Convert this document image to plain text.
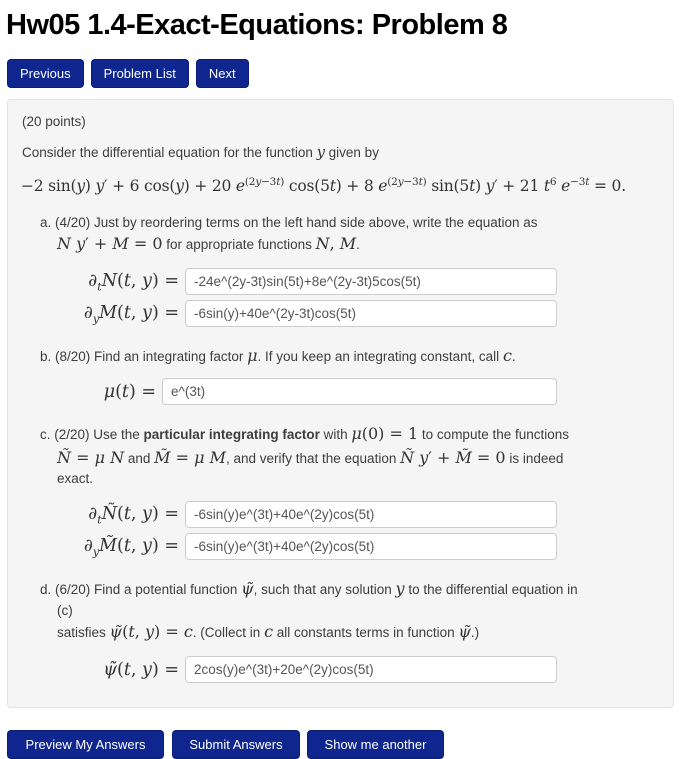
Hw05 1.4-Exact-Equations: Problem 8
Previous	Problem List	Next
(20 points)
Consider the differential equation for the function y given by
−2 sin(y) y′ + 6 cos(y) + 20 $e^{(2y-3t)}$ cos(5t) + 8 $e^{(2y-3t)}$ sin(5t) y′ + 21 $t^6$ $e^{-3t} = 0$.
a. (4/20) Just by reordering terms on the left hand side above, write the equation as
N y′ + M = 0 for appropriate functions N, M.
$\partial_tN(t$, y) =
-24e^(2y-3t)sin(5t)+8e^(2y-3t)5cos(5t)
$\partial_yM(t$, y) =
-6sin(y)+40e^(2y-3t)cos(5t)
b. (8/20) Find an integrating factor μ. If you keep an integrating constant, call c.
μ(t) =
e^(3t)
c. (2/20) Use the particular integrating factor with μ(0) = 1 to compute the functions
Ñ = μ N and M̃ = μ M, and verify that the equation Ñ y′ + M̃ = 0 is indeed
exact.
$\partial_tÑ(t$, y) =
-6sin(y)e^(3t)+40e^(2y)cos(5t)
$\partial_yM̃(t$, y) =
-6sin(y)e^(3t)+40e^(2y)cos(5t)
d. (6/20) Find a potential function ψ̃, such that any solution y to the differential equation in
(c)
satisfies ψ̃(t, y) = c. (Collect in c all constants terms in function ψ̃.)
ψ̃(t, y) =
2cos(y)e^(3t)+20e^(2y)cos(5t)
Preview My Answers	Submit Answers	Show me another
